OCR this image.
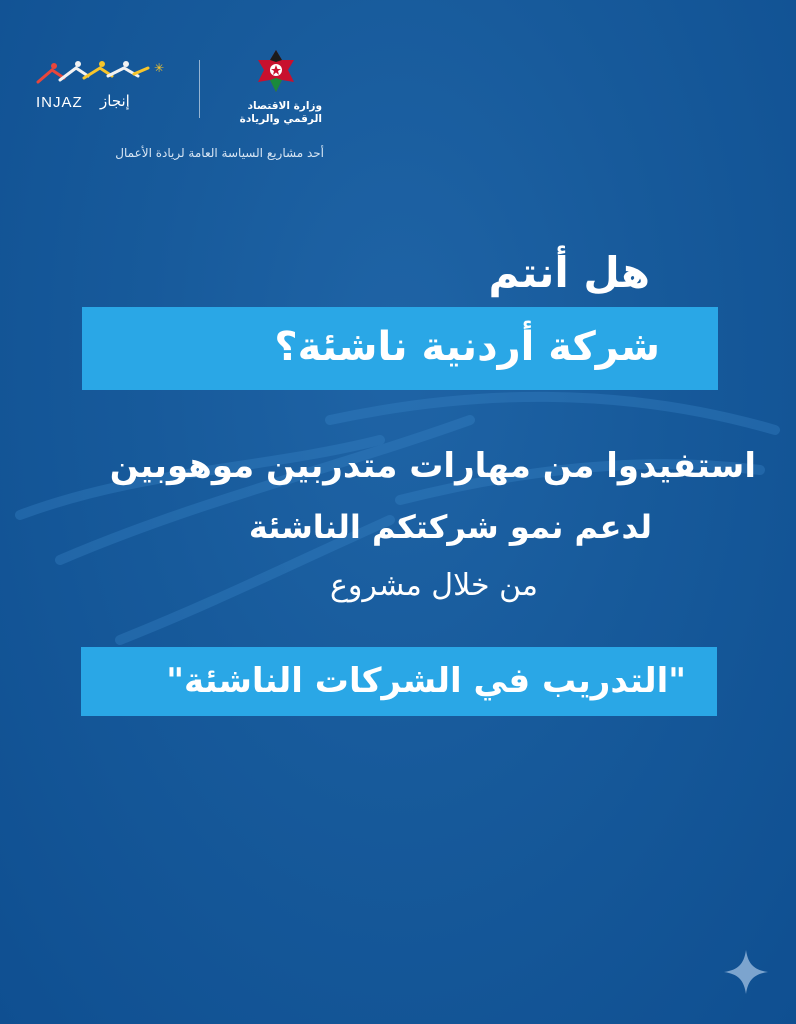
✳
INJAZ إنجاز	وزارة الاقتصاد
الرقمي والريادة
أحد مشاريع السياسة العامة لريادة الأعمال
هل أنتم
شركة أردنية ناشئة؟
استفيدوا من مهارات متدربين موهوبين
لدعم نمو شركتكم الناشئة
من خلال مشروع
"التدريب في الشركات الناشئة"
